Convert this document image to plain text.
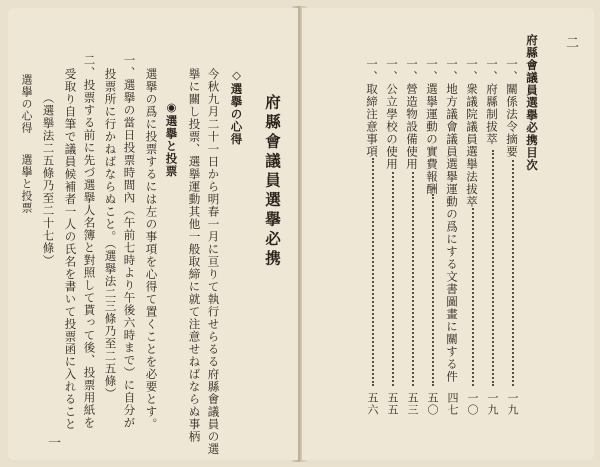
選擧の心得
選擧と投票 （選擧法二五條乃至二十七條） 受取り自筆で議員候補者一人の氏名を書いて投票函に入れること 二、投票する前に先づ選擧人名簿と對照して貰って後、投票用紙を 投票所に行かねばならぬこと。（選擧法二三條乃至二五條） 一、選擧の當日投票時間內（午前七時より午後六時まで）に自分が 選擧の爲に投票するには左の事項を心得て置くことを必要とす。 ◉選擧と投票 擧に關し投票、選擧運動其他一般取締に就て注意せねばならぬ事柄 今秋九月二十一日から明春一月に亘りて執行せらるる府縣會議員の選 ◇選擧の心得 府縣會議員選擧必携
一
府縣會議員選擧必携目次
一、關係法令摘要
一九
一、府縣制拔萃
一九
一、衆議院議員選擧法拔萃
一〇
一、地方議會議員選擧運動の爲にする文書圖畫に關する件
四七
一、選擧運動の實費報酬
五〇
一、營造物設備使用
五三
一、公立學校の使用
五五
一、取締注意事項
五六
二
